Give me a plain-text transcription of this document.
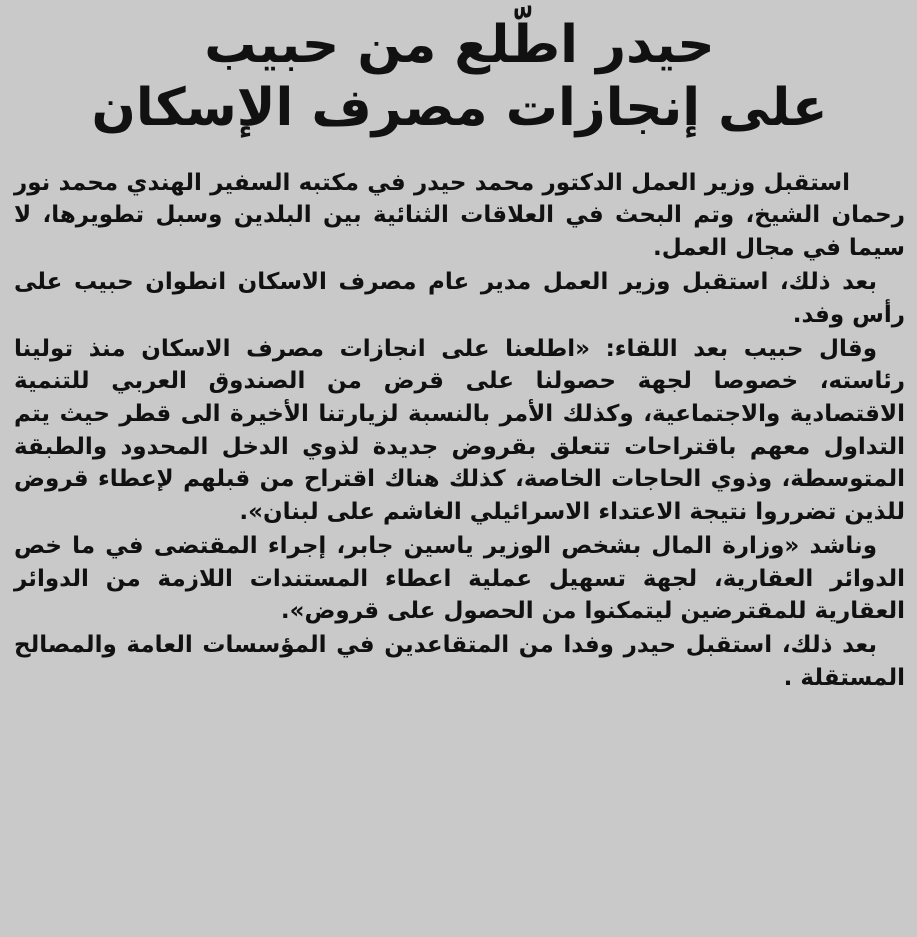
حيدر اطّلع من حبيب
على إنجازات مصرف الإسكان

استقبل وزير العمل الدكتور محمد حيدر في مكتبه السفير الهندي محمد نور رحمان الشيخ، وتم البحث في العلاقات الثنائية بين البلدين وسبل تطويرها، لا سيما في مجال العمل.

بعد ذلك، استقبل وزير العمل مدير عام مصرف الاسكان انطوان حبيب على رأس وفد.

وقال حبيب بعد اللقاء: «اطلعنا على انجازات مصرف الاسكان منذ تولينا رئاسته، خصوصا لجهة حصولنا على قرض من الصندوق العربي للتنمية الاقتصادية والاجتماعية، وكذلك الأمر بالنسبة لزيارتنا الأخيرة الى قطر حيث يتم التداول معهم باقتراحات تتعلق بقروض جديدة لذوي الدخل المحدود والطبقة المتوسطة، وذوي الحاجات الخاصة، كذلك هناك اقتراح من قبلهم لإعطاء قروض للذين تضرروا نتيجة الاعتداء الاسرائيلي الغاشم على لبنان».

وناشد «وزارة المال بشخص الوزير ياسين جابر، إجراء المقتضى في ما خص الدوائر العقارية، لجهة تسهيل عملية اعطاء المستندات اللازمة من الدوائر العقارية للمقترضين ليتمكنوا من الحصول على قروض».

بعد ذلك، استقبل حيدر وفدا من المتقاعدين في المؤسسات العامة والمصالح المستقلة .
